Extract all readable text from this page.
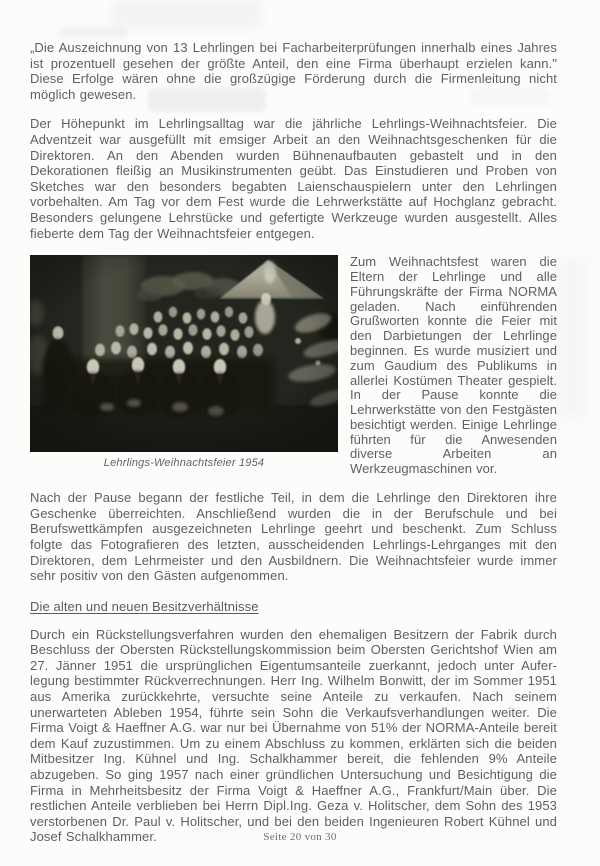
„Die Auszeichnung von 13 Lehrlingen bei Facharbeiterprüfungen innerhalb eines Jahres ist prozentuell gesehen der größte Anteil, den eine Firma überhaupt erzielen kann." Diese Erfolge wären ohne die großzügige Förderung durch die Firmenleitung nicht möglich gewesen.

Der Höhepunkt im Lehrlingsalltag war die jährliche Lehrlings-Weihnachtsfeier. Die Adventzeit war ausgefüllt mit emsiger Arbeit an den Weihnachtsgeschenken für die Direktoren. An den Abenden wurden Bühnenaufbauten gebastelt und in den Dekorationen fleißig an Musikinstrumenten geübt. Das Einstudieren und Proben von Sketches war den besonders begabten Laienschauspielern unter den Lehrlingen vorbehalten. Am Tag vor dem Fest wurde die Lehrwerkstätte auf Hochglanz gebracht. Besonders gelungene Lehrstücke und gefertigte Werkzeuge wurden ausgestellt. Alles fieberte dem Tag der Weihnachtsfeier entgegen.

Lehrlings-Weihnachtsfeier 1954

Zum Weihnachtsfest waren die Eltern der Lehrlinge und alle Führungskräfte der Firma NORMA geladen. Nach einführenden Grußworten konnte die Feier mit den Darbietungen der Lehrlinge beginnen. Es wurde musiziert und zum Gaudium des Publikums in allerlei Kostümen Theater gespielt. In der Pause konnte die Lehrwerkstätte von den Festgästen besichtigt werden. Einige Lehrlinge führten für die Anwesenden diverse Arbeiten an Werkzeugmaschinen vor.

Nach der Pause begann der festliche Teil, in dem die Lehrlinge den Direktoren ihre Geschenke überreichten. Anschließend wurden die in der Berufschule und bei Berufswettkämpfen ausgezeichneten Lehrlinge geehrt und beschenkt. Zum Schluss folgte das Fotografieren des letzten, ausscheidenden Lehrlings-Lehrganges mit den Direktoren, dem Lehrmeister und den Ausbildnern. Die Weihnachtsfeier wurde immer sehr positiv von den Gästen aufgenommen.

Die alten und neuen Besitzverhältnisse

Durch ein Rückstellungsverfahren wurden den ehemaligen Besitzern der Fabrik durch Beschluss der Obersten Rückstellungskommission beim Obersten Gerichtshof Wien am 27. Jänner 1951 die ursprünglichen Eigentumsanteile zuerkannt, jedoch unter Auferlegung bestimmter Rückverrechnungen. Herr Ing. Wilhelm Bonwitt, der im Sommer 1951 aus Amerika zurückkehrte, versuchte seine Anteile zu verkaufen. Nach seinem unerwarteten Ableben 1954, führte sein Sohn die Verkaufsverhandlungen weiter. Die Firma Voigt & Haeffner A.G. war nur bei Übernahme von 51% der NORMA-Anteile bereit dem Kauf zuzustimmen. Um zu einem Abschluss zu kommen, erklärten sich die beiden Mitbesitzer Ing. Kühnel und Ing. Schalkhammer bereit, die fehlenden 9% Anteile abzugeben. So ging 1957 nach einer gründlichen Untersuchung und Besichtigung die Firma in Mehrheitsbesitz der Firma Voigt & Haeffner A.G., Frankfurt/Main über. Die restlichen Anteile verblieben bei Herrn Dipl.Ing. Geza v. Holitscher, dem Sohn des 1953 verstorbenen Dr. Paul v. Holitscher, und bei den beiden Ingenieuren Robert Kühnel und Josef Schalkhammer.	Seite 20 von 30
